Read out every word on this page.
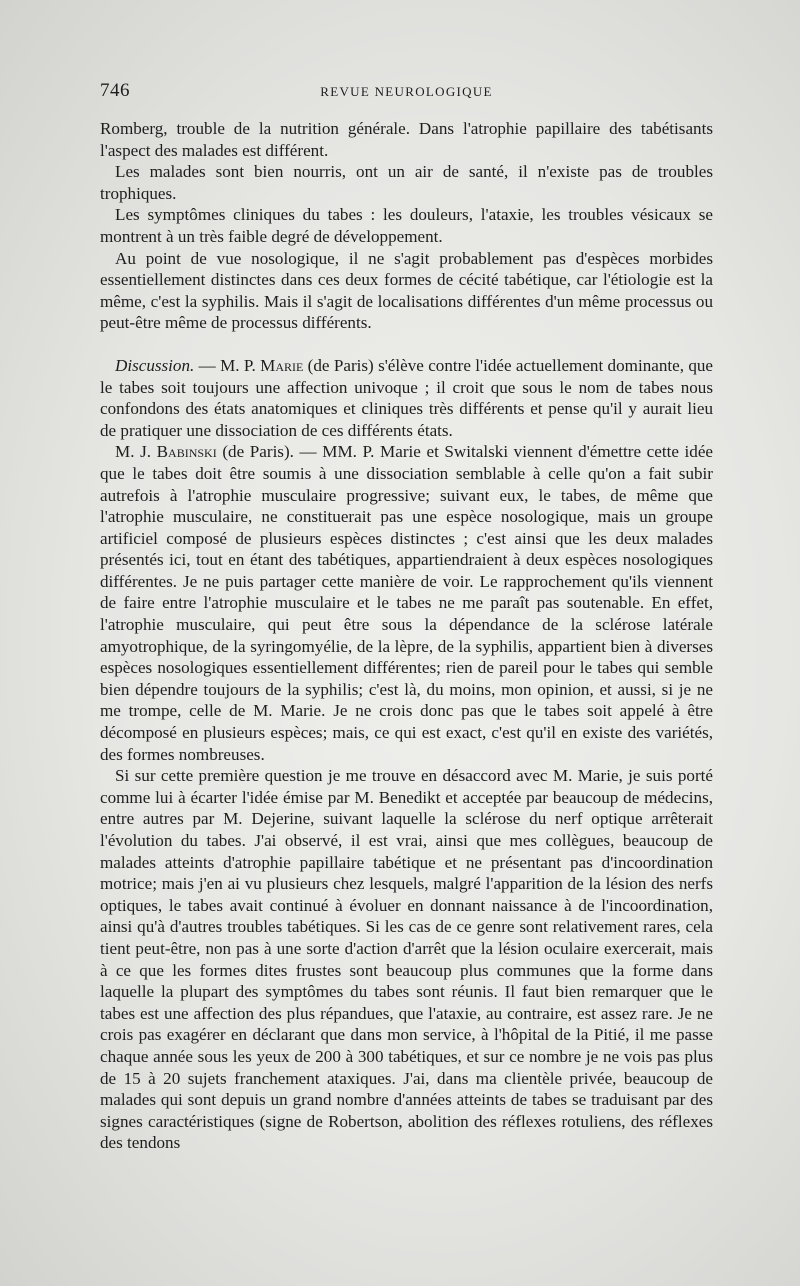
746	REVUE NEUROLOGIQUE

Romberg, trouble de la nutrition générale. Dans l'atrophie papillaire des tabétisants l'aspect des malades est différent.

Les malades sont bien nourris, ont un air de santé, il n'existe pas de troubles trophiques.

Les symptômes cliniques du tabes : les douleurs, l'ataxie, les troubles vésicaux se montrent à un très faible degré de développement.

Au point de vue nosologique, il ne s'agit probablement pas d'espèces morbides essentiellement distinctes dans ces deux formes de cécité tabétique, car l'étiologie est la même, c'est la syphilis. Mais il s'agit de localisations différentes d'un même processus ou peut-être même de processus différents.

Discussion. — M. P. Marie (de Paris) s'élève contre l'idée actuellement dominante, que le tabes soit toujours une affection univoque ; il croit que sous le nom de tabes nous confondons des états anatomiques et cliniques très différents et pense qu'il y aurait lieu de pratiquer une dissociation de ces différents états.

M. J. Babinski (de Paris). — MM. P. Marie et Switalski viennent d'émettre cette idée que le tabes doit être soumis à une dissociation semblable à celle qu'on a fait subir autrefois à l'atrophie musculaire progressive; suivant eux, le tabes, de même que l'atrophie musculaire, ne constituerait pas une espèce nosologique, mais un groupe artificiel composé de plusieurs espèces distinctes ; c'est ainsi que les deux malades présentés ici, tout en étant des tabétiques, appartiendraient à deux espèces nosologiques différentes. Je ne puis partager cette manière de voir. Le rapprochement qu'ils viennent de faire entre l'atrophie musculaire et le tabes ne me paraît pas soutenable. En effet, l'atrophie musculaire, qui peut être sous la dépendance de la sclérose latérale amyotrophique, de la syringomyélie, de la lèpre, de la syphilis, appartient bien à diverses espèces nosologiques essentiellement différentes; rien de pareil pour le tabes qui semble bien dépendre toujours de la syphilis; c'est là, du moins, mon opinion, et aussi, si je ne me trompe, celle de M. Marie. Je ne crois donc pas que le tabes soit appelé à être décomposé en plusieurs espèces; mais, ce qui est exact, c'est qu'il en existe des variétés, des formes nombreuses.

Si sur cette première question je me trouve en désaccord avec M. Marie, je suis porté comme lui à écarter l'idée émise par M. Benedikt et acceptée par beaucoup de médecins, entre autres par M. Dejerine, suivant laquelle la sclérose du nerf optique arrêterait l'évolution du tabes. J'ai observé, il est vrai, ainsi que mes collègues, beaucoup de malades atteints d'atrophie papillaire tabétique et ne présentant pas d'incoordination motrice; mais j'en ai vu plusieurs chez lesquels, malgré l'apparition de la lésion des nerfs optiques, le tabes avait continué à évoluer en donnant naissance à de l'incoordination, ainsi qu'à d'autres troubles tabétiques. Si les cas de ce genre sont relativement rares, cela tient peut-être, non pas à une sorte d'action d'arrêt que la lésion oculaire exercerait, mais à ce que les formes dites frustes sont beaucoup plus communes que la forme dans laquelle la plupart des symptômes du tabes sont réunis. Il faut bien remarquer que le tabes est une affection des plus répandues, que l'ataxie, au contraire, est assez rare. Je ne crois pas exagérer en déclarant que dans mon service, à l'hôpital de la Pitié, il me passe chaque année sous les yeux de 200 à 300 tabétiques, et sur ce nombre je ne vois pas plus de 15 à 20 sujets franchement ataxiques. J'ai, dans ma clientèle privée, beaucoup de malades qui sont depuis un grand nombre d'années atteints de tabes se traduisant par des signes caractéristiques (signe de Robertson, abolition des réflexes rotuliens, des réflexes des tendons
